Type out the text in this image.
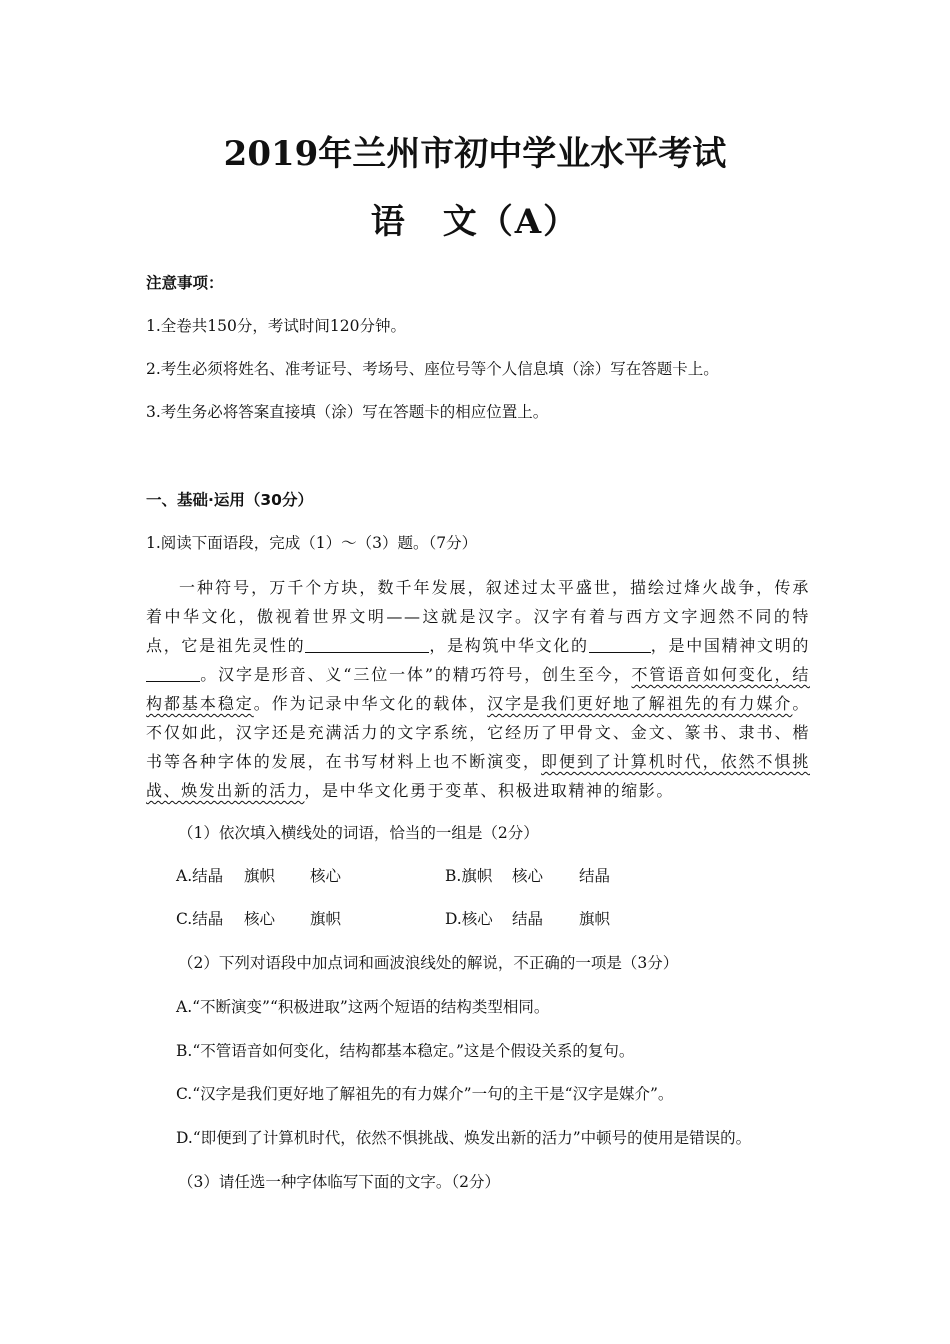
2019年兰州市初中学业水平考试
语　文（A）
注意事项：
1.全卷共150分，考试时间120分钟。
2.考生必须将姓名、准考证号、考场号、座位号等个人信息填（涂）写在答题卡上。
3.考生务必将答案直接填（涂）写在答题卡的相应位置上。
一、基础·运用（30分）
1.阅读下面语段，完成（1）～（3）题。（7分）
一种符号，万千个方块，数千年发展，叙述过太平盛世，描绘过烽火战争，传承着中华文化，傲视着世界文明——这就是汉字。汉字有着与西方文字迥然不同的特点，它是祖先灵性的	，是构筑中华文化的	，是中国精神文明的。汉字是形音、义“三位一体”的精巧符号，创生至今，不管语音如何变化，结构都基本稳定。作为记录中华文化的载体，汉字是我们更好地了解祖先的有力媒介。不仅如此，汉字还是充满活力的文字系统，它经历了甲骨文、金文、篆书、隶书、楷书等各种字体的发展，在书写材料上也不断演变，即便到了计算机时代，依然不惧挑战、焕发出新的活力，是中华文化勇于变革、积极进取精神的缩影。
（1）依次填入横线处的词语，恰当的一组是（2分）
A.结晶 旗帜 核心	B.旗帜 核心 结晶
C.结晶 核心 旗帜	D.核心 结晶 旗帜
（2）下列对语段中加点词和画波浪线处的解说，不正确的一项是（3分）
A.“不断演变”“积极进取”这两个短语的结构类型相同。
B.“不管语音如何变化，结构都基本稳定。”这是个假设关系的复句。
C.“汉字是我们更好地了解祖先的有力媒介”一句的主干是“汉字是媒介”。
D.“即便到了计算机时代，依然不惧挑战、焕发出新的活力”中顿号的使用是错误的。
（3）请任选一种字体临写下面的文字。（2分）
